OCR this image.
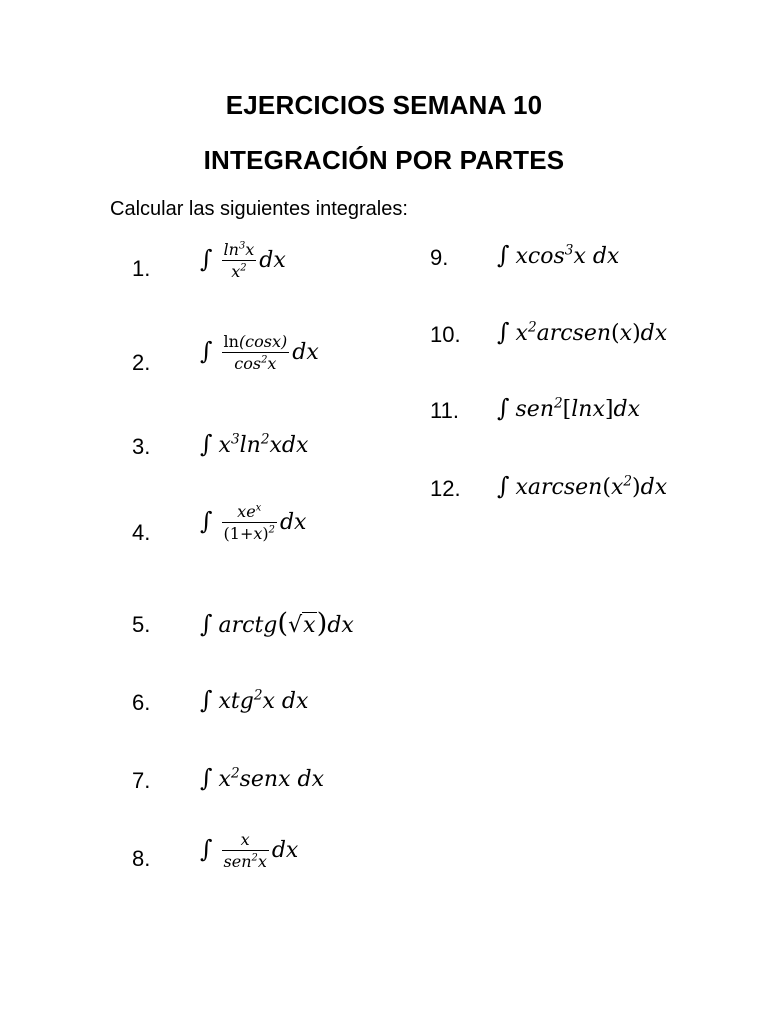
EJERCICIOS SEMANA 10
INTEGRACIÓN POR PARTES
Calcular las siguientes integrales:
1. ∫ $\frac{\ln^3x}{x^2}$ dx
2. ∫ $\frac{\ln(\cos x)}{\cos^2x}$ dx
3. ∫ $x^3\ln^2xdx$
4. ∫ $\frac{xe^x}{(1+x)^2}$ dx
5. ∫ arctg(√x)dx
6. ∫ xtg$^2$x dx
7. ∫ $x^2senx$ dx
8. ∫ $\frac{x}{sen^2x}$ dx
9. ∫ xcos$^3$x dx
10. ∫ $x^2arcsen(x)dx$
11. ∫ sen$^2$[lnx]dx
12. ∫ $xarcsen(x^2)dx$
